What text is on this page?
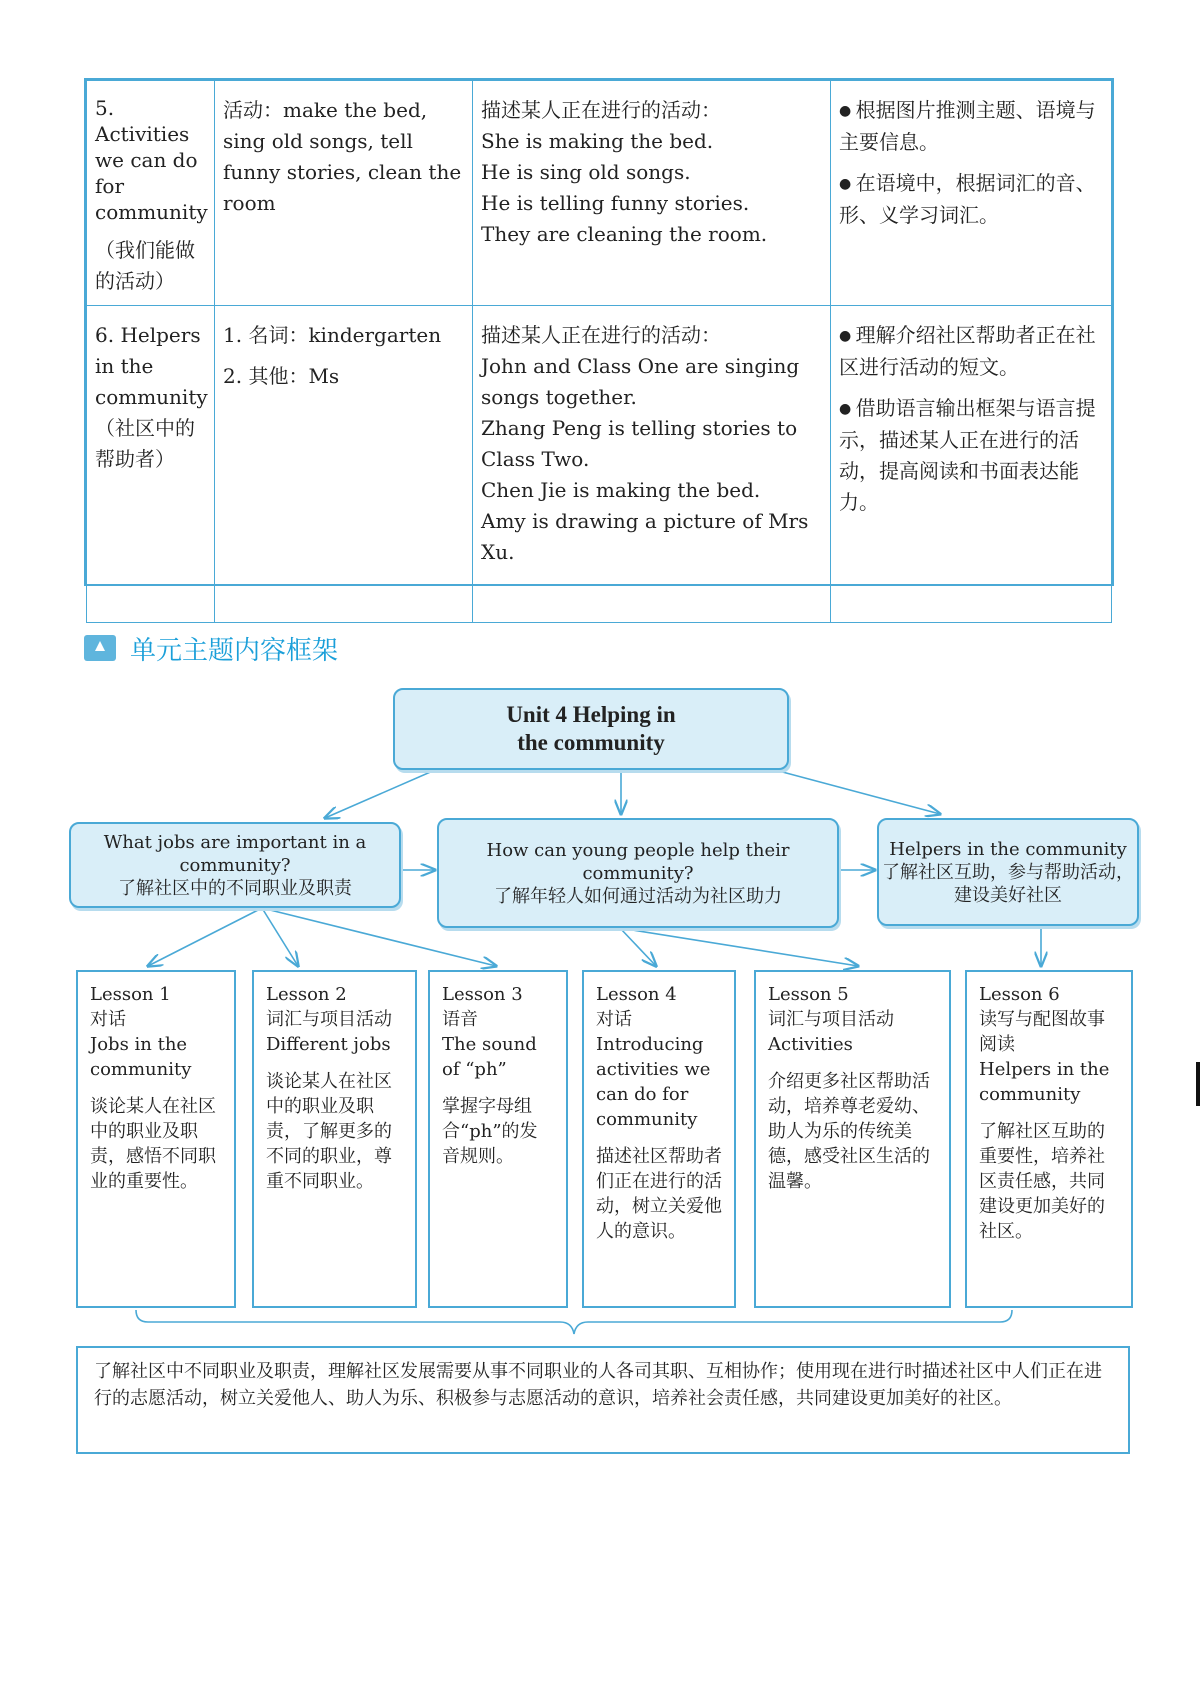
5. Activities we can do for community
（我们能做的活动）	活动：make the bed, sing old songs, tell funny stories, clean the room	描述某人正在进行的活动：
She is making the bed.
He is sing old songs.
He is telling funny stories.
They are cleaning the room.	● 根据图片推测主题、语境与主要信息。
● 在语境中，根据词汇的音、形、义学习词汇。

6. Helpers in the community
（社区中的帮助者）	1. 名词：kindergarten
2. 其他：Ms	描述某人正在进行的活动：
John and Class One are singing songs together.
Zhang Peng is telling stories to Class Two.
Chen Jie is making the bed.
Amy is drawing a picture of Mrs Xu.	● 理解介绍社区帮助者正在社区进行活动的短文。
● 借助语言输出框架与语言提示，描述某人正在进行的活动，提高阅读和书面表达能力。
单元主题内容框架
Unit 4 Helping in
the community
What jobs are important in a community?
了解社区中的不同职业及职责
How can young people help their community?
了解年轻人如何通过活动为社区助力
Helpers in the community
了解社区互助，参与帮助活动，建设美好社区
Lesson 1
对话
Jobs in the community
谈论某人在社区中的职业及职责，感悟不同职业的重要性。
Lesson 2
词汇与项目活动
Different jobs
谈论某人在社区中的职业及职责，了解更多的不同的职业，尊重不同职业。
Lesson 3
语音
The sound of “ph”
掌握字母组合“ph”的发音规则。
Lesson 4
对话
Introducing activities we can do for community
描述社区帮助者们正在进行的活动，树立关爱他人的意识。
Lesson 5
词汇与项目活动
Activities
介绍更多社区帮助活动，培养尊老爱幼、助人为乐的传统美德，感受社区生活的温馨。
Lesson 6
读写与配图故事阅读
Helpers in the community
了解社区互助的重要性，培养社区责任感，共同建设更加美好的社区。
了解社区中不同职业及职责，理解社区发展需要从事不同职业的人各司其职、互相协作；使用现在进行时描述社区中人们正在进行的志愿活动，树立关爱他人、助人为乐、积极参与志愿活动的意识，培养社会责任感，共同建设更加美好的社区。
